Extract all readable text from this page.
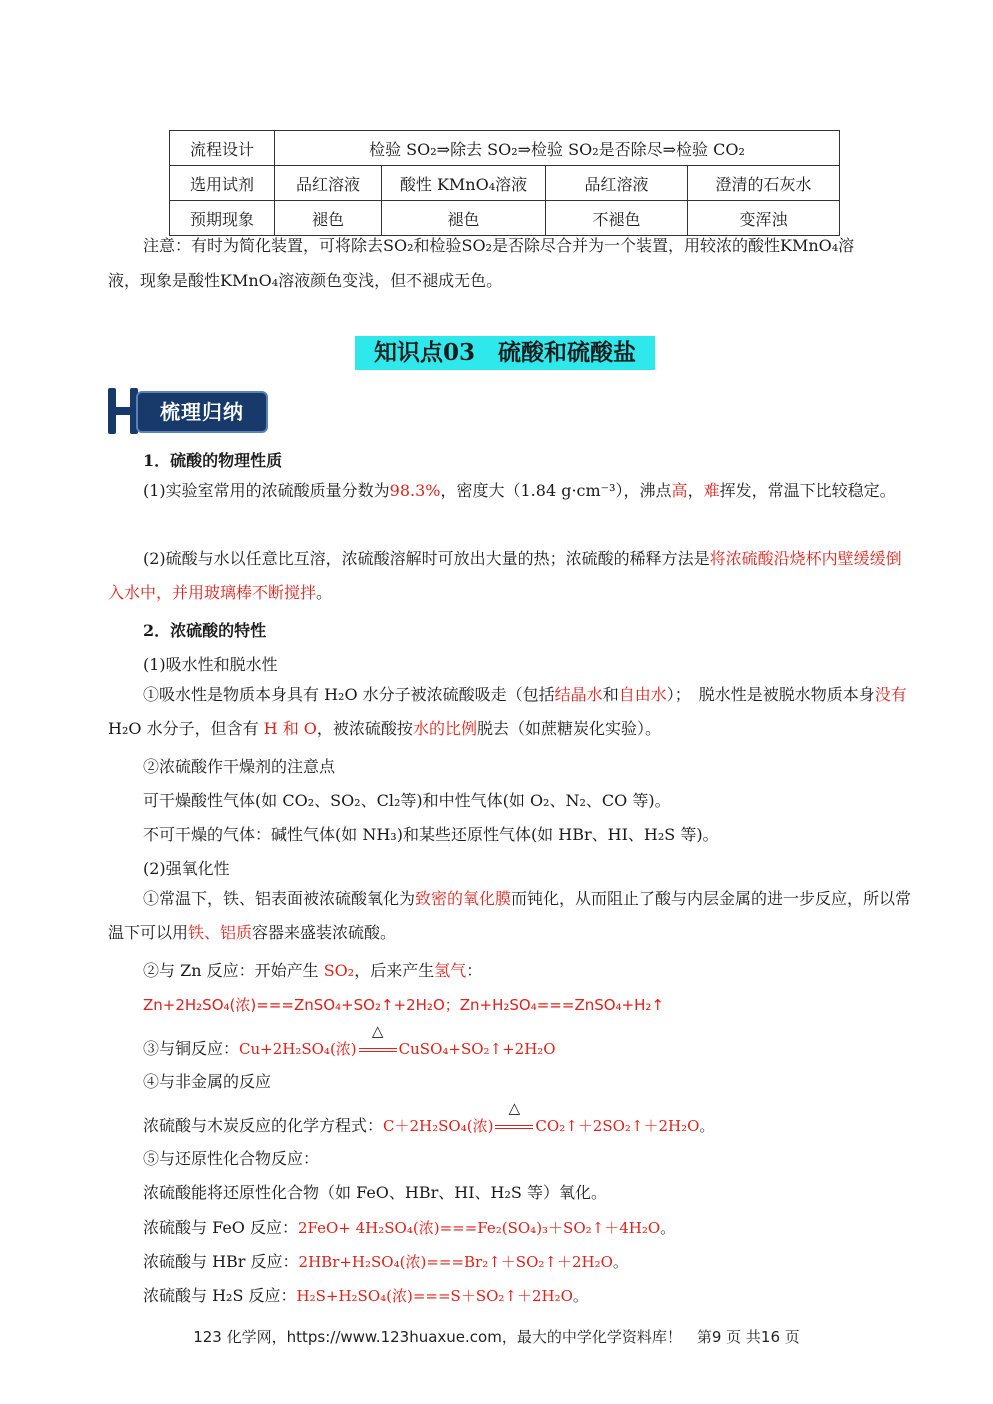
流程设计	检验 SO₂⇒除去 SO₂⇒检验 SO₂是否除尽⇒检验 CO₂			
选用试剂	品红溶液	酸性 KMnO₄溶液	品红溶液	澄清的石灰水
预期现象	褪色	褪色	不褪色	变浑浊
注意：有时为简化装置，可将除去SO₂和检验SO₂是否除尽合并为一个装置，用较浓的酸性KMnO₄溶
液，现象是酸性KMnO₄溶液颜色变浅，但不褪成无色。
知识点03　硫酸和硫酸盐
梳理归纳
1．硫酸的物理性质
(1)实验室常用的浓硫酸质量分数为98.3%，密度大（1.84 g·cm⁻³），沸点高，难挥发，常温下比较稳定。
(2)硫酸与水以任意比互溶，浓硫酸溶解时可放出大量的热；浓硫酸的稀释方法是将浓硫酸沿烧杯内壁缓缓倒入水中，并用玻璃棒不断搅拌。
2．浓硫酸的特性
(1)吸水性和脱水性
①吸水性是物质本身具有 H₂O 水分子被浓硫酸吸走（包括结晶水和自由水）；　脱水性是被脱水物质本身没有 H₂O 水分子，但含有 H 和 O，被浓硫酸按水的比例脱去（如蔗糖炭化实验）。
②浓硫酸作干燥剂的注意点
可干燥酸性气体(如 CO₂、SO₂、Cl₂等)和中性气体(如 O₂、N₂、CO 等)。
不可干燥的气体：碱性气体(如 NH₃)和某些还原性气体(如 HBr、HI、H₂S 等)。
(2)强氧化性
①常温下，铁、铝表面被浓硫酸氧化为致密的氧化膜而钝化，从而阻止了酸与内层金属的进一步反应，所以常温下可以用铁、铝质容器来盛装浓硫酸。
②与 Zn 反应：开始产生 SO₂，后来产生氢气：
Zn+2H₂SO₄(浓)===ZnSO₄+SO₂↑+2H₂O；Zn+H₂SO₄===ZnSO₄+H₂↑
③与铜反应：Cu+2H₂SO₄(浓)
△
CuSO₄+SO₂↑+2H₂O
④与非金属的反应
浓硫酸与木炭反应的化学方程式：C＋2H₂SO₄(浓)
△
CO₂↑＋2SO₂↑＋2H₂O。
⑤与还原性化合物反应：
浓硫酸能将还原性化合物（如 FeO、HBr、HI、H₂S 等）氧化。
浓硫酸与 FeO 反应：2FeO+ 4H₂SO₄(浓)===Fe₂(SO₄)₃＋SO₂↑＋4H₂O。
浓硫酸与 HBr 反应：2HBr+H₂SO₄(浓)===Br₂↑＋SO₂↑＋2H₂O。
浓硫酸与 H₂S 反应：H₂S+H₂SO₄(浓)===S＋SO₂↑＋2H₂O。
123 化学网，https://www.123huaxue.com，最大的中学化学资料库！　第9 页 共16 页
